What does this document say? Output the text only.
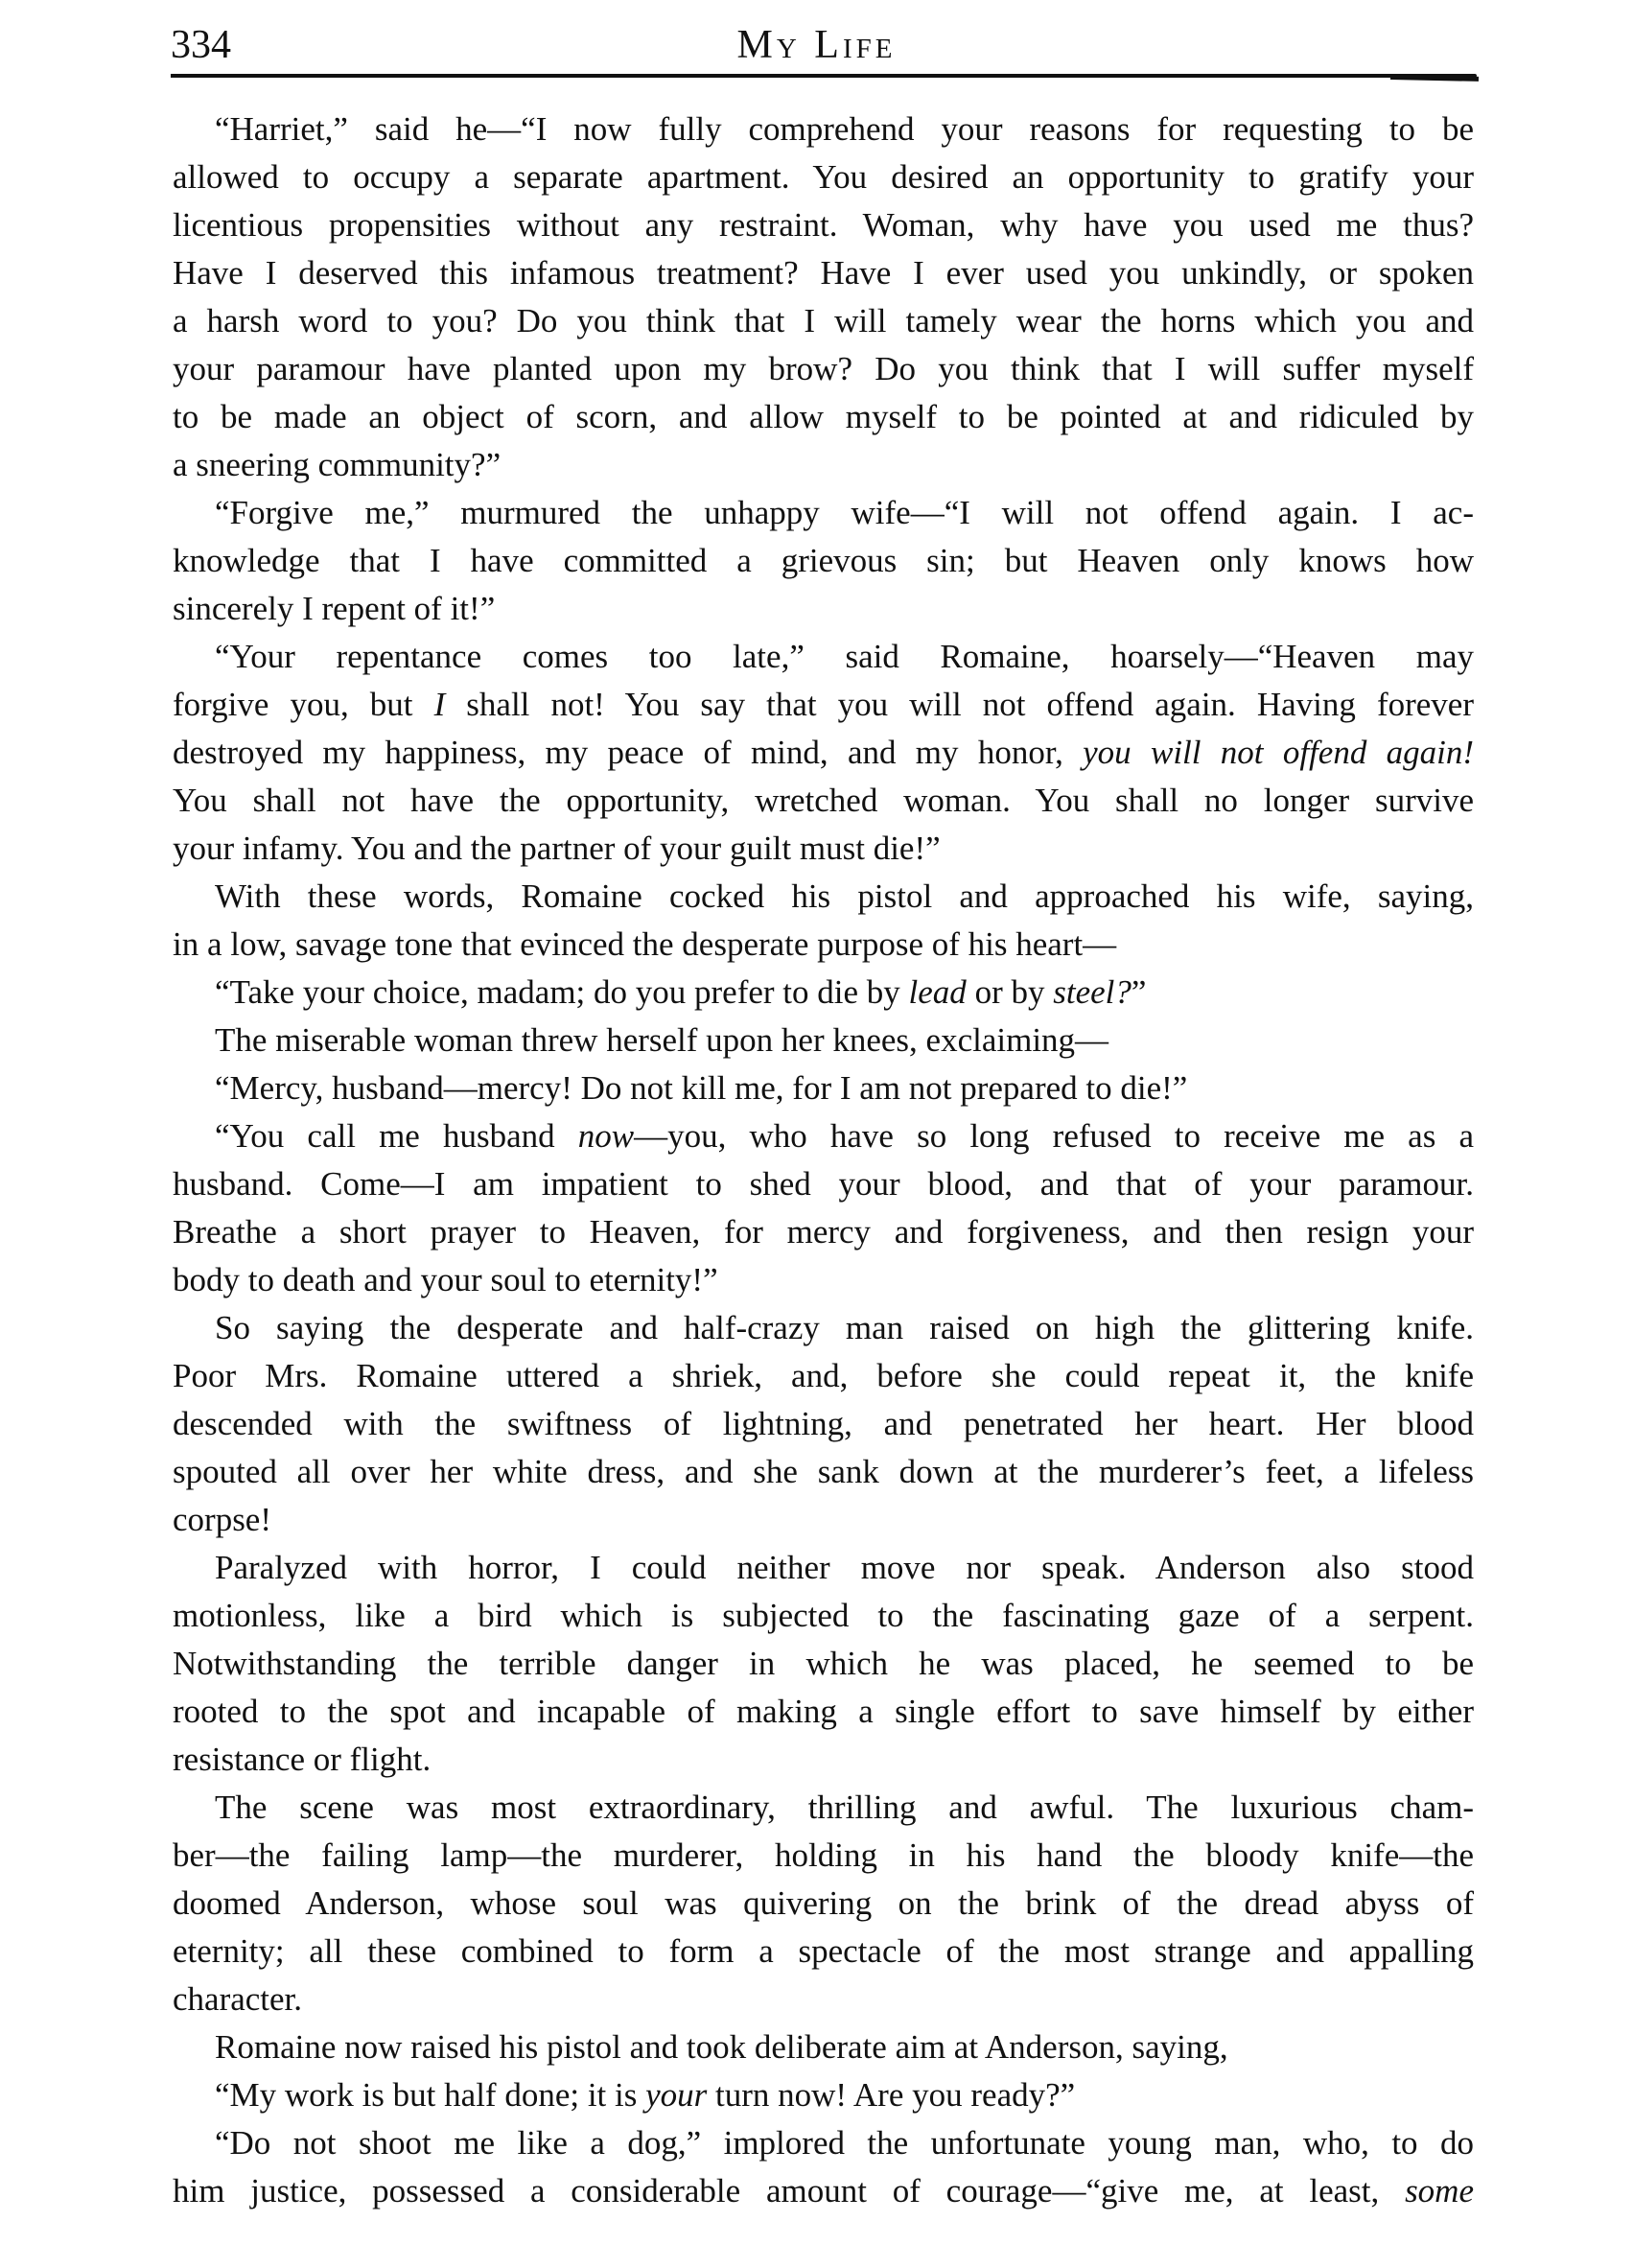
334	My Life
“Harriet,” said he—“I now fully comprehend your reasons for requesting to be
allowed to occupy a separate apartment. You desired an opportunity to gratify your
licentious propensities without any restraint. Woman, why have you used me thus?
Have I deserved this infamous treatment? Have I ever used you unkindly, or spoken
a harsh word to you? Do you think that I will tamely wear the horns which you and
your paramour have planted upon my brow? Do you think that I will suffer myself
to be made an object of scorn, and allow myself to be pointed at and ridiculed by
a sneering community?”
“Forgive me,” murmured the unhappy wife—“I will not offend again. I ac-
knowledge that I have committed a grievous sin; but Heaven only knows how
sincerely I repent of it!”
“Your repentance comes too late,” said Romaine, hoarsely—“Heaven may
forgive you, but I shall not! You say that you will not offend again. Having forever
destroyed my happiness, my peace of mind, and my honor, you will not offend again!
You shall not have the opportunity, wretched woman. You shall no longer survive
your infamy. You and the partner of your guilt must die!”
With these words, Romaine cocked his pistol and approached his wife, saying,
in a low, savage tone that evinced the desperate purpose of his heart—
“Take your choice, madam; do you prefer to die by lead or by steel?”
The miserable woman threw herself upon her knees, exclaiming—
“Mercy, husband—mercy! Do not kill me, for I am not prepared to die!”
“You call me husband now—you, who have so long refused to receive me as a
husband. Come—I am impatient to shed your blood, and that of your paramour.
Breathe a short prayer to Heaven, for mercy and forgiveness, and then resign your
body to death and your soul to eternity!”
So saying the desperate and half-crazy man raised on high the glittering knife.
Poor Mrs. Romaine uttered a shriek, and, before she could repeat it, the knife
descended with the swiftness of lightning, and penetrated her heart. Her blood
spouted all over her white dress, and she sank down at the murderer’s feet, a lifeless
corpse!
Paralyzed with horror, I could neither move nor speak. Anderson also stood
motionless, like a bird which is subjected to the fascinating gaze of a serpent.
Notwithstanding the terrible danger in which he was placed, he seemed to be
rooted to the spot and incapable of making a single effort to save himself by either
resistance or flight.
The scene was most extraordinary, thrilling and awful. The luxurious cham-
ber—the failing lamp—the murderer, holding in his hand the bloody knife—the
doomed Anderson, whose soul was quivering on the brink of the dread abyss of
eternity; all these combined to form a spectacle of the most strange and appalling
character.
Romaine now raised his pistol and took deliberate aim at Anderson, saying,
“My work is but half done; it is your turn now! Are you ready?”
“Do not shoot me like a dog,” implored the unfortunate young man, who, to do
him justice, possessed a considerable amount of courage—“give me, at least, some
